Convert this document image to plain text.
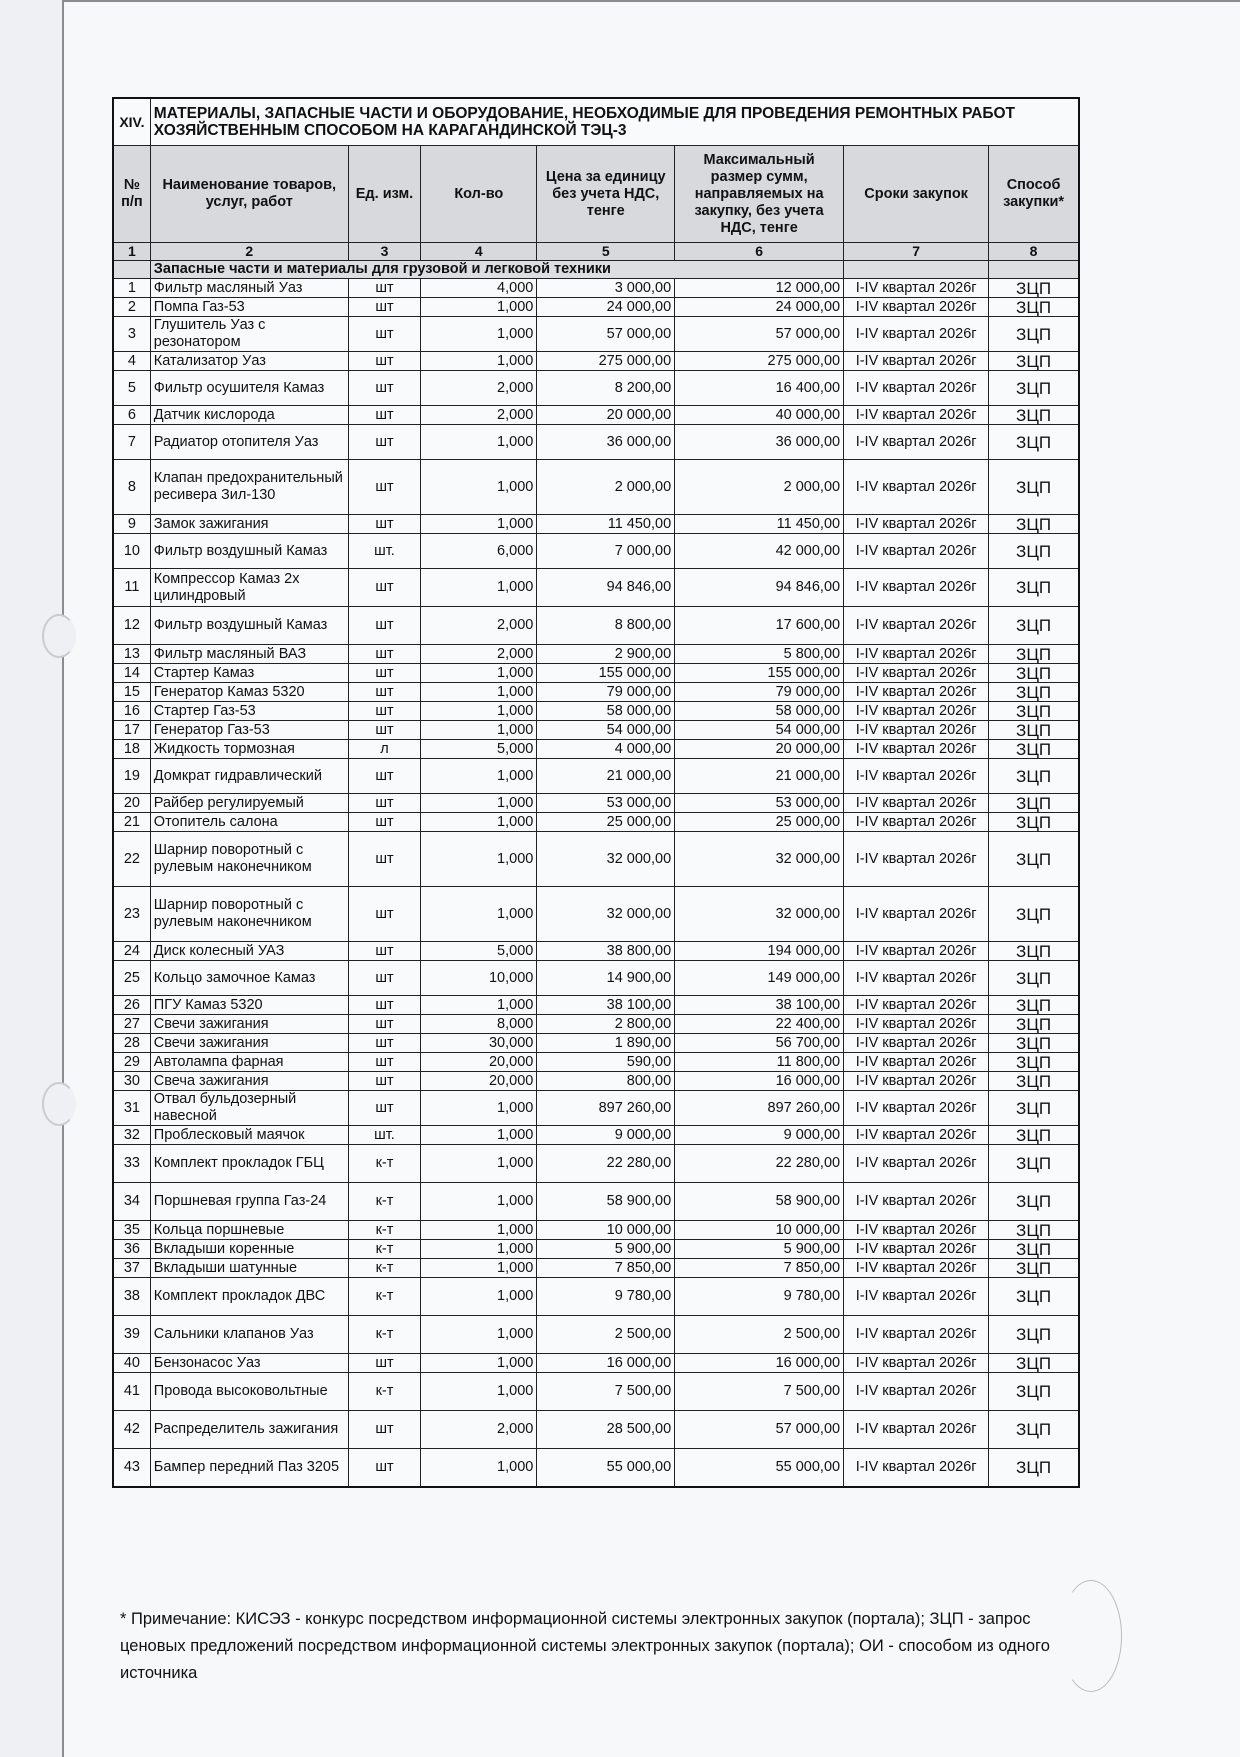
XIV.	МАТЕРИАЛЫ, ЗАПАСНЫЕ ЧАСТИ И ОБОРУДОВАНИЕ, НЕОБХОДИМЫЕ ДЛЯ ПРОВЕДЕНИЯ РЕМОНТНЫХ РАБОТ ХОЗЯЙСТВЕННЫМ СПОСОБОМ НА КАРАГАНДИНСКОЙ ТЭЦ-3						
№ п/п	Наименование товаров, услуг, работ	Ед. изм.	Кол-во	Цена за единицу без учета НДС, тенге	Максимальный размер сумм, направляемых на закупку, без учета НДС, тенге	Сроки закупок	Способ закупки*
1	2	3	4	5	6	7	8
	Запасные части и материалы для грузовой и легковой техники						
1	Фильтр масляный Уаз	шт	4,000	3 000,00	12 000,00	I-IV квартал 2026г	ЗЦП
2	Помпа Газ-53	шт	1,000	24 000,00	24 000,00	I-IV квартал 2026г	ЗЦП
3	Глушитель Уаз с резонатором	шт	1,000	57 000,00	57 000,00	I-IV квартал 2026г	ЗЦП
4	Катализатор Уаз	шт	1,000	275 000,00	275 000,00	I-IV квартал 2026г	ЗЦП
5	Фильтр осушителя Камаз	шт	2,000	8 200,00	16 400,00	I-IV квартал 2026г	ЗЦП
6	Датчик кислорода	шт	2,000	20 000,00	40 000,00	I-IV квартал 2026г	ЗЦП
7	Радиатор отопителя Уаз	шт	1,000	36 000,00	36 000,00	I-IV квартал 2026г	ЗЦП
8	Клапан предохранительный ресивера Зил-130	шт	1,000	2 000,00	2 000,00	I-IV квартал 2026г	ЗЦП
9	Замок зажигания	шт	1,000	11 450,00	11 450,00	I-IV квартал 2026г	ЗЦП
10	Фильтр воздушный Камаз	шт.	6,000	7 000,00	42 000,00	I-IV квартал 2026г	ЗЦП
11	Компрессор Камаз 2х цилиндровый	шт	1,000	94 846,00	94 846,00	I-IV квартал 2026г	ЗЦП
12	Фильтр воздушный Камаз	шт	2,000	8 800,00	17 600,00	I-IV квартал 2026г	ЗЦП
13	Фильтр масляный ВАЗ	шт	2,000	2 900,00	5 800,00	I-IV квартал 2026г	ЗЦП
14	Стартер Камаз	шт	1,000	155 000,00	155 000,00	I-IV квартал 2026г	ЗЦП
15	Генератор Камаз 5320	шт	1,000	79 000,00	79 000,00	I-IV квартал 2026г	ЗЦП
16	Стартер Газ-53	шт	1,000	58 000,00	58 000,00	I-IV квартал 2026г	ЗЦП
17	Генератор Газ-53	шт	1,000	54 000,00	54 000,00	I-IV квартал 2026г	ЗЦП
18	Жидкость тормозная	л	5,000	4 000,00	20 000,00	I-IV квартал 2026г	ЗЦП
19	Домкрат гидравлический	шт	1,000	21 000,00	21 000,00	I-IV квартал 2026г	ЗЦП
20	Райбер регулируемый	шт	1,000	53 000,00	53 000,00	I-IV квартал 2026г	ЗЦП
21	Отопитель салона	шт	1,000	25 000,00	25 000,00	I-IV квартал 2026г	ЗЦП
22	Шарнир поворотный с рулевым наконечником	шт	1,000	32 000,00	32 000,00	I-IV квартал 2026г	ЗЦП
23	Шарнир поворотный с рулевым наконечником	шт	1,000	32 000,00	32 000,00	I-IV квартал 2026г	ЗЦП
24	Диск колесный УАЗ	шт	5,000	38 800,00	194 000,00	I-IV квартал 2026г	ЗЦП
25	Кольцо замочное Камаз	шт	10,000	14 900,00	149 000,00	I-IV квартал 2026г	ЗЦП
26	ПГУ Камаз 5320	шт	1,000	38 100,00	38 100,00	I-IV квартал 2026г	ЗЦП
27	Свечи зажигания	шт	8,000	2 800,00	22 400,00	I-IV квартал 2026г	ЗЦП
28	Свечи зажигания	шт	30,000	1 890,00	56 700,00	I-IV квартал 2026г	ЗЦП
29	Автолампа фарная	шт	20,000	590,00	11 800,00	I-IV квартал 2026г	ЗЦП
30	Свеча зажигания	шт	20,000	800,00	16 000,00	I-IV квартал 2026г	ЗЦП
31	Отвал бульдозерный навесной	шт	1,000	897 260,00	897 260,00	I-IV квартал 2026г	ЗЦП
32	Проблесковый маячок	шт.	1,000	9 000,00	9 000,00	I-IV квартал 2026г	ЗЦП
33	Комплект прокладок ГБЦ	к-т	1,000	22 280,00	22 280,00	I-IV квартал 2026г	ЗЦП
34	Поршневая группа Газ-24	к-т	1,000	58 900,00	58 900,00	I-IV квартал 2026г	ЗЦП
35	Кольца поршневые	к-т	1,000	10 000,00	10 000,00	I-IV квартал 2026г	ЗЦП
36	Вкладыши коренные	к-т	1,000	5 900,00	5 900,00	I-IV квартал 2026г	ЗЦП
37	Вкладыши шатунные	к-т	1,000	7 850,00	7 850,00	I-IV квартал 2026г	ЗЦП
38	Комплект прокладок ДВС	к-т	1,000	9 780,00	9 780,00	I-IV квартал 2026г	ЗЦП
39	Сальники клапанов Уаз	к-т	1,000	2 500,00	2 500,00	I-IV квартал 2026г	ЗЦП
40	Бензонасос Уаз	шт	1,000	16 000,00	16 000,00	I-IV квартал 2026г	ЗЦП
41	Провода высоковольтные	к-т	1,000	7 500,00	7 500,00	I-IV квартал 2026г	ЗЦП
42	Распределитель зажигания	шт	2,000	28 500,00	57 000,00	I-IV квартал 2026г	ЗЦП
43	Бампер передний Паз 3205	шт	1,000	55 000,00	55 000,00	I-IV квартал 2026г	ЗЦП
* Примечание: КИСЭЗ - конкурс посредством информационной системы электронных закупок (портала); ЗЦП - запрос ценовых предложений посредством информационной системы электронных закупок (портала); ОИ - способом из одного источника
